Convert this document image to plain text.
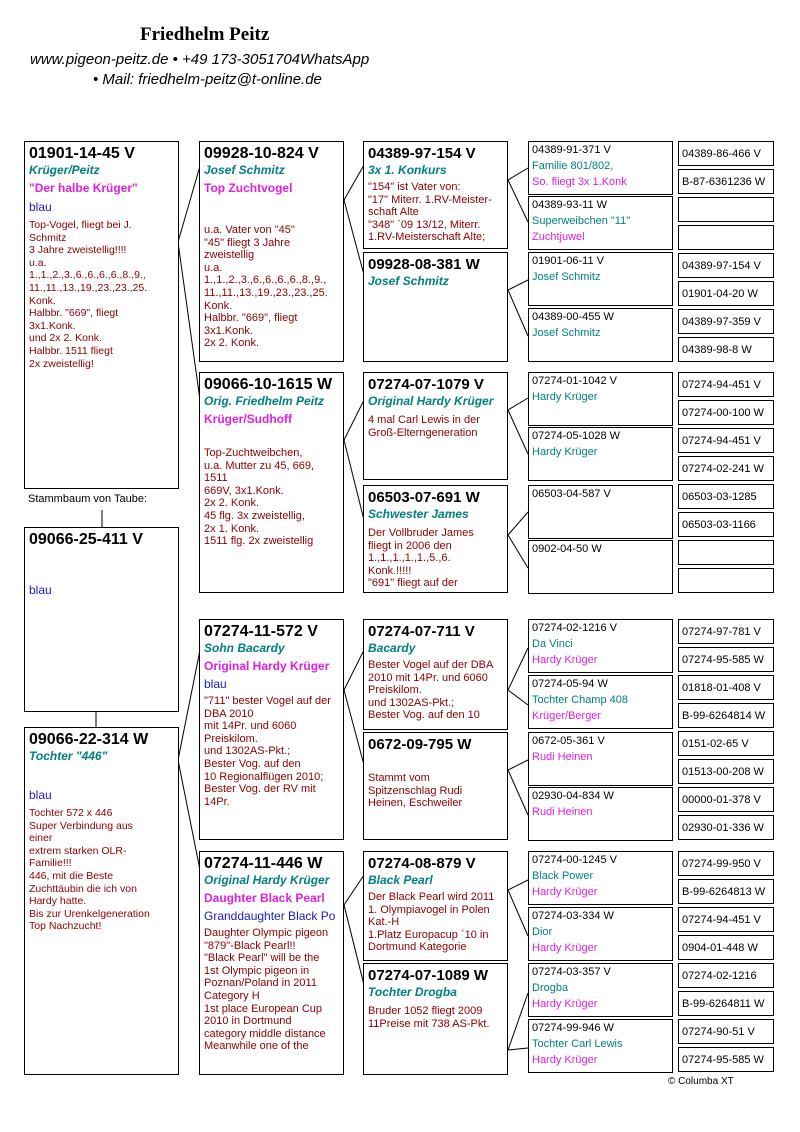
Friedhelm Peitz
www.pigeon-peitz.de • +49 173-3051704WhatsApp
• Mail: friedhelm-peitz@t-online.de
01901-14-45 V
Krüger/Peitz
"Der halbe Krüger"
blau
Top-Vogel, fliegt bei J.
Schmitz
3 Jahre zweistellig!!!!
u.a.
1.,1.,2.,3.,6.,6.,6.,6.,8.,9.,
11.,11.,13.,19.,23.,23.,25.
Konk.
Halbbr. "669", fliegt
3x1.Konk.
und 2x 2. Konk.
Halbbr. 1511 fliegt
2x zweistellig!
Stammbaum von Taube:
09066-25-411 V
blau
09066-22-314 W
Tochter "446"
blau
Tochter 572 x 446
Super Verbindung aus
einer
extrem starken OLR-
Familie!!!
446, mit die Beste
Zuchttäubin die ich von
Hardy hatte.
Bis zur Urenkelgeneration
Top Nachzucht!
09928-10-824 V
Josef Schmitz
Top Zuchtvogel
u.a. Vater von "45"
"45" fliegt 3 Jahre
zweistellig
u.a.
1.,1.,2.,3.,6.,6.,6.,6.,8.,9.,
11.,11.,13.,19.,23.,23.,25.
Konk.
Halbbr. "669", fliegt
3x1.Konk.
2x 2. Konk.
09066-10-1615 W
Orig. Friedhelm Peitz
Krüger/Sudhoff
Top-Zuchtweibchen,
u.a. Mutter zu 45, 669,
1511
669V, 3x1.Konk.
2x 2. Konk.
45 flg. 3x zweistellig,
2x 1. Konk.
1511 flg. 2x zweistellig
07274-11-572 V
Sohn Bacardy
Original Hardy Krüger
blau
"711" bester Vogel auf der
DBA 2010
mit 14Pr. und 6060
Preiskilom.
und 1302AS-Pkt.;
Bester Vog. auf den
10 Regionalflügen 2010;
Bester Vog. der RV mit
14Pr.
07274-11-446 W
Original Hardy Krüger
Daughter Black Pearl
Granddaughter Black Po
Daughter Olympic pigeon
"879"-Black Pearl!!
"Black Pearl" will be the
1st Olympic pigeon in
Poznan/Poland in 2011
Category H
1st place European Cup
2010 in Dortmund
category middle distance
Meanwhile one of the
04389-97-154 V
3x 1. Konkurs
"154" ist Vater von:
"17" Miterr. 1.RV-Meister-
schaft Alte
"348" `09 13/12, Miterr.
1.RV-Meisterschaft Alte;
09928-08-381 W
Josef Schmitz
07274-07-1079 V
Original Hardy Krüger
4 mal Carl Lewis in der
Groß-Elterngeneration
06503-07-691 W
Schwester James
Der Vollbruder James
fliegt in 2006 den
1.,1.,1.,1.,1.,5.,6.
Konk.!!!!!
"691" fliegt auf der
07274-07-711 V
Bacardy
Bester Vogel auf der DBA
2010 mit 14Pr. und 6060
Preiskilom.
und 1302AS-Pkt.;
Bester Vog. auf den 10
0672-09-795 W
Stammt vom
Spitzenschlag Rudi
Heinen, Eschweiler
07274-08-879 V
Black Pearl
Der Black Pearl wird 2011
1. Olympiavogel in Polen
Kat.-H
1.Platz Europacup `10 in
Dortmund Kategorie
07274-07-1089 W
Tochter Drogba
Bruder 1052 fliegt 2009
11Preise mit 738 AS-Pkt.
04389-91-371 V
Familie 801/802,
So. fliegt 3x 1.Konk
04389-93-11 W
Superweibchen "11"
Zuchtjuwel
01901-06-11 V
Josef Schmitz
04389-00-455 W
Josef Schmitz
07274-01-1042 V
Hardy Krüger
07274-05-1028 W
Hardy Krüger
06503-04-587 V
0902-04-50 W
07274-02-1216 V
Da Vinci
Hardy Krüger
07274-05-94 W
Tochter Champ 408
Krüger/Berger
0672-05-361 V
Rudi Heinen
02930-04-834 W
Rudi Heinen
07274-00-1245 V
Black Power
Hardy Krüger
07274-03-334 W
Dior
Hardy Krüger
07274-03-357 V
Drogba
Hardy Krüger
07274-99-946 W
Tochter Carl Lewis
Hardy Krüger
04389-86-466 V
B-87-6361236 W
04389-97-154 V
01901-04-20 W
04389-97-359 V
04389-98-8 W
07274-94-451 V
07274-00-100 W
07274-94-451 V
07274-02-241 W
06503-03-1285
06503-03-1166
07274-97-781 V
07274-95-585 W
01818-01-408 V
B-99-6264814 W
0151-02-65 V
01513-00-208 W
00000-01-378 V
02930-01-336 W
07274-99-950 V
B-99-6264813 W
07274-94-451 V
0904-01-448 W
07274-02-1216
B-99-6264811 W
07274-90-51 V
07274-95-585 W
© Columba XT
